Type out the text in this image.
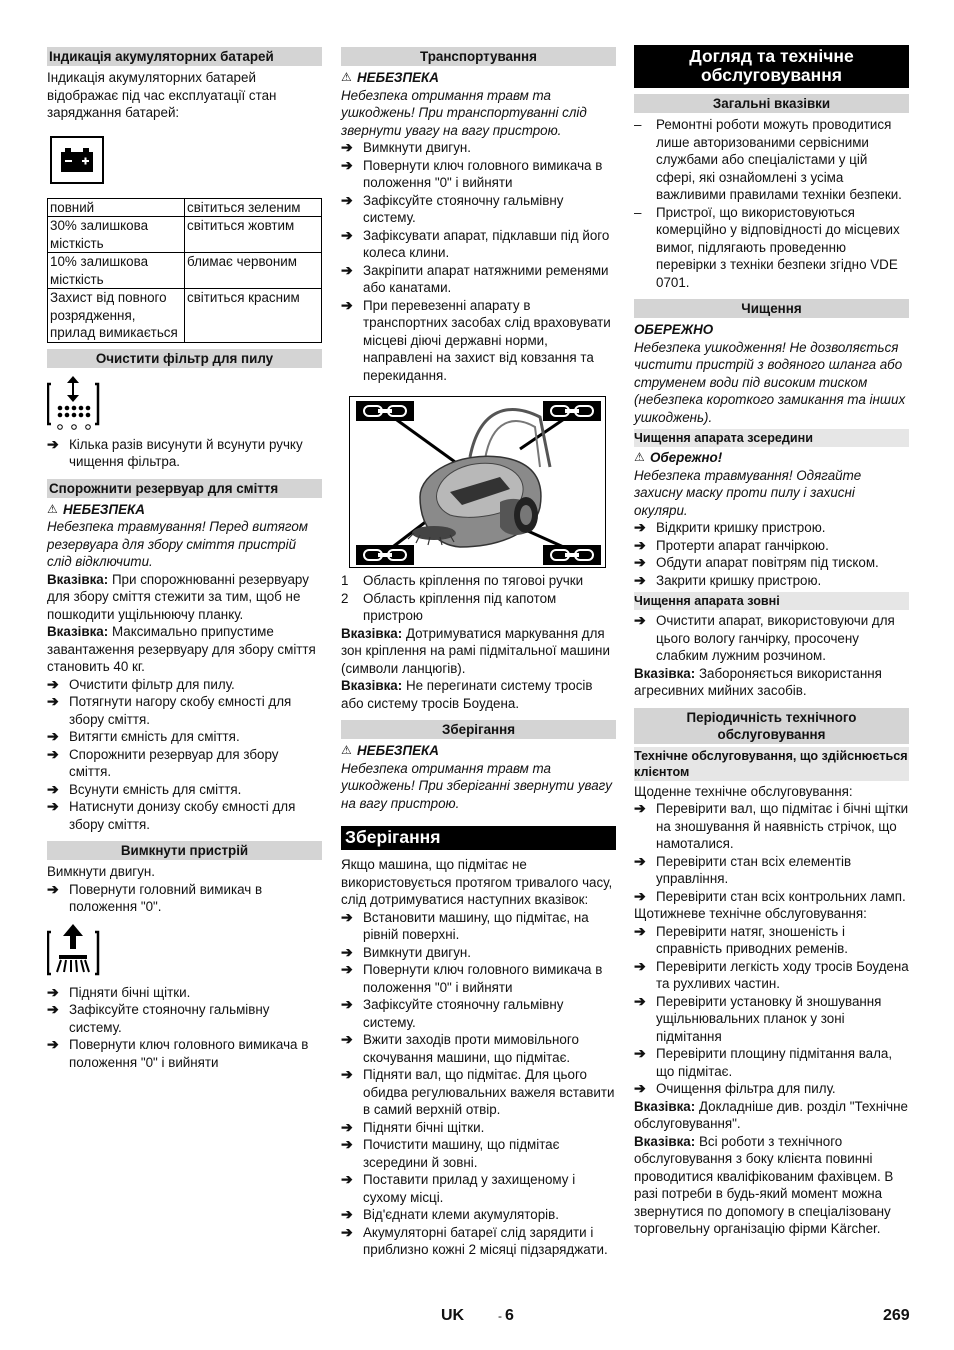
Індикація акумуляторних батарей

Індикація акумуляторних батарей відображає під час експлуатації стан заряджання батарей:

повний	світиться зеленим
30% залишкова місткість	світиться жовтим
10% залишкова місткість	блимає червоним
Захист від повного розрядження, прилад вимикається	світиться красним
Очистити фільтр для пилу
➔ Кілька разів висунути й всунути ручку чищення фільтра.
Спорожнити резервуар для сміття
⚠ НЕБЕЗПЕКА

Небезпека травмування! Перед витягом резервуара для збору сміття пристрій слід відключити.

Вказівка: При спорожнюванні резервуару для збору сміття стежити за тим, щоб не пошкодити ущільнюючу планку.

Вказівка: Максимально припустиме завантаження резервуару для збору сміття становить 40 кг.

➔ Очистити фільтр для пилу.
➔ Потягнути нагору скобу ємності для збору сміття.
➔ Витягти ємність для сміття.
➔ Спорожнити резервуар для збору сміття.
➔ Всунути ємність для сміття.
➔ Натиснути донизу скобу ємності для збору сміття.
Вимкнути пристрій

Вимкнути двигун.

➔ Повернути головний вимикач в положення "0".
➔ Підняти бічні щітки.
➔ Зафіксуйте стояночну гальмівну систему.
➔ Повернути ключ головного вимикача в положення "0" і вийняти
Транспортування
⚠ НЕБЕЗПЕКА

Небезпека отримання травм та ушкоджень! При транспортуванні слід звернути увагу на вагу пристрою.

➔ Вимкнути двигун.
➔ Повернути ключ головного вимикача в положення "0" і вийняти
➔ Зафіксуйте стояночну гальмівну систему.
➔ Зафіксувати апарат, підклавши під його колеса клини.
➔ Закріпити апарат натяжними ременями або канатами.
➔ При перевезенні апарату в транспортних засобах слід враховувати місцеві діючі державні норми, направлені на захист від ковзання та перекидання.
1	Область кріплення по тяговоі ручки
2	Область кріплення під капотом пристрою

Вказівка: Дотримуватися маркування для зон кріплення на рамі підмітальної машини (символи ланцюгів).

Вказівка: Не перегинати систему тросів або систему тросів Боудена.

Зберігання
⚠ НЕБЕЗПЕКА

Небезпека отримання травм та ушкоджень! При зберіганні звернути увагу на вагу пристрою.

Зберігання

Якщо машина, що підмітає не використовується протягом тривалого часу, слід дотримуватися наступних вказівок:

➔ Встановити машину, що підмітає, на рівній поверхні.
➔ Вимкнути двигун.
➔ Повернути ключ головного вимикача в положення "0" і вийняти
➔ Зафіксуйте стояночну гальмівну систему.
➔ Вжити заходів проти мимовільного скочування машини, що підмітає.
➔ Підняти вал, що підмітає. Для цього обидва регулювальних важеля вставити в самий верхній отвір.
➔ Підняти бічні щітки.
➔ Почистити машину, що підмітає зсередини й зовні.
➔ Поставити прилад у захищеному і сухому місці.
➔ Від'єднати клеми акумуляторів.
➔ Акумуляторні батареї слід зарядити і приблизно кожні 2 місяці підзаряджати.
Догляд та технічне обслуговування
Загальні вказівки
–	Ремонтні роботи можуть проводитися лише авторизованими сервісними службами або спеціалістами у цій сфері, які ознайомлені з усіма важливими правилами техніки безпеки.
–	Пристрої, що використовуються комерційно у відповідності до місцевих вимог, підлягають проведенню перевірки з техніки безпеки згідно VDE 0701.
Чищення

ОБЕРЕЖНО

Небезпека ушкодження! Не дозволяється чистити пристрій з водяного шланга або струменем води під високим тиском (небезпека короткого замикання та інших ушкоджень).

Чищення апарата зсередини
⚠ Обережно!

Небезпека травмування! Одягайте захисну маску проти пилу і захисні окуляри.

➔ Відкрити кришку пристрою.
➔ Протерти апарат ганчіркою.
➔ Обдути апарат повітрям під тиском.
➔ Закрити кришку пристрою.
Чищення апарата зовні
➔ Очистити апарат, використовуючи для цього вологу ганчірку, просочену слабким лужним розчином.

Вказівка: Забороняється використання агресивних мийних засобів.

Періодичність технічного обслуговування
Технічне обслуговування, що здійснюється клієнтом

Щоденне технічне обслуговування:

➔ Перевірити вал, що підмітає і бічні щітки на зношування й наявність стрічок, що намоталися.
➔ Перевірити стан всіх елементів управління.
➔ Перевірити стан всіх контрольних ламп.

Щотижневе технічне обслуговування:

➔ Перевірити натяг, зношеність і справність приводних ременів.
➔ Перевірити легкість ходу тросів Боудена та рухливих частин.
➔ Перевірити установку й зношування ущільнювальних планок у зоні підмітання
➔ Перевірити площину підмітання вала, що підмітає.
➔ Очищення фільтра для пилу.

Вказівка: Докладніше див. розділ "Технічне обслуговування".

Вказівка: Всі роботи з технічного обслуговування з боку клієнта повинні проводитися кваліфікованим фахівцем. В разі потреби в будь-який момент можна звернутися по допомогу в спеціалізовану торговельну організацію фірми Kärcher.

UK	- 6	269
